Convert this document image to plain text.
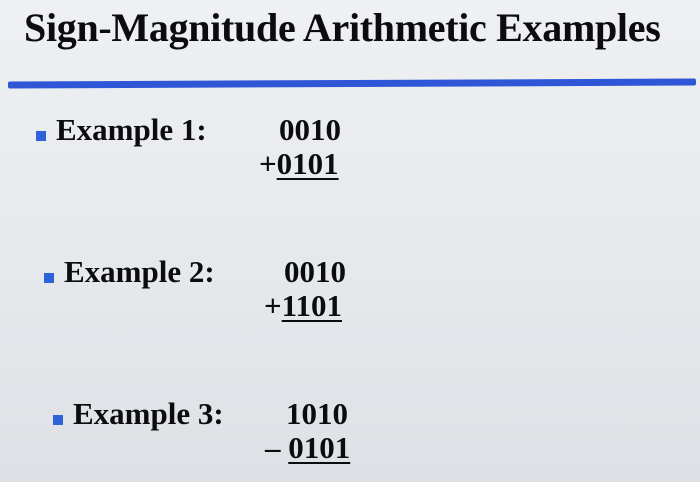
Sign-Magnitude Arithmetic Examples
Example 1: 0010
+0101
Example 2: 0010
+1101
Example 3: 1010
– 0101
